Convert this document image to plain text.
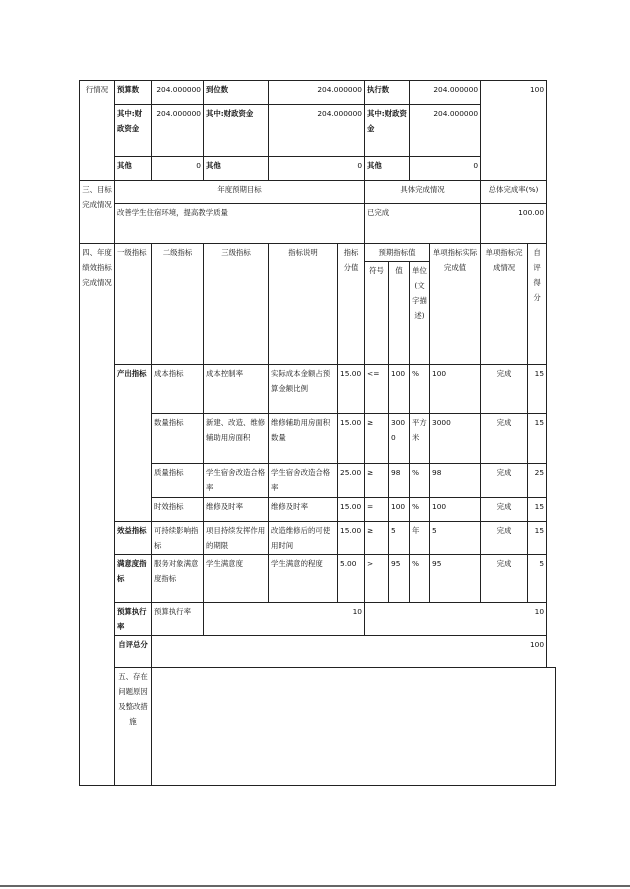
行情况	预算数	204.000000	到位数	204.000000		执行数		204.000000		100	
	其中:财政资金	204.000000	其中:财政资金	204.000000		其中:财政资金		204.000000			
	其他	0	其他	0		其他		0			
三、目标完成情况	年度预期目标					具体完成情况				总体完成率(%)	
	改善学生住宿环境，提高教学质量					已完成				100.00	
四、年度绩效指标完成情况	一级指标	二级指标	三级指标	指标说明	指标分值	预期指标值			单项指标实际完成值	单项指标完成情况	自评得分
						符号	值	单位(文字描述)			
	产出指标	成本指标	成本控制率	实际成本金额占预算金额比例	15.00	<=	100	%	100	完成	15
		数量指标	新建、改造、维修辅助用房面积	维修辅助用房面积数量	15.00	≥	3000	平方米	3000	完成	15
		质量指标	学生宿舍改造合格率	学生宿舍改造合格率	25.00	≥	98	%	98	完成	25
		时效指标	维修及时率	维修及时率	15.00	=	100	%	100	完成	15
	效益指标	可持续影响指标	项目持续发挥作用的期限	改造维修后的可使用时间	15.00	≥	5	年	5	完成	15
	满意度指标	服务对象满意度指标	学生满意度	学生满意的程度	5.00	>	95	%	95	完成	5
	预算执行率	预算执行率	10			10					
	自评总分	100									
	五、存在问题原因及整改措施										
